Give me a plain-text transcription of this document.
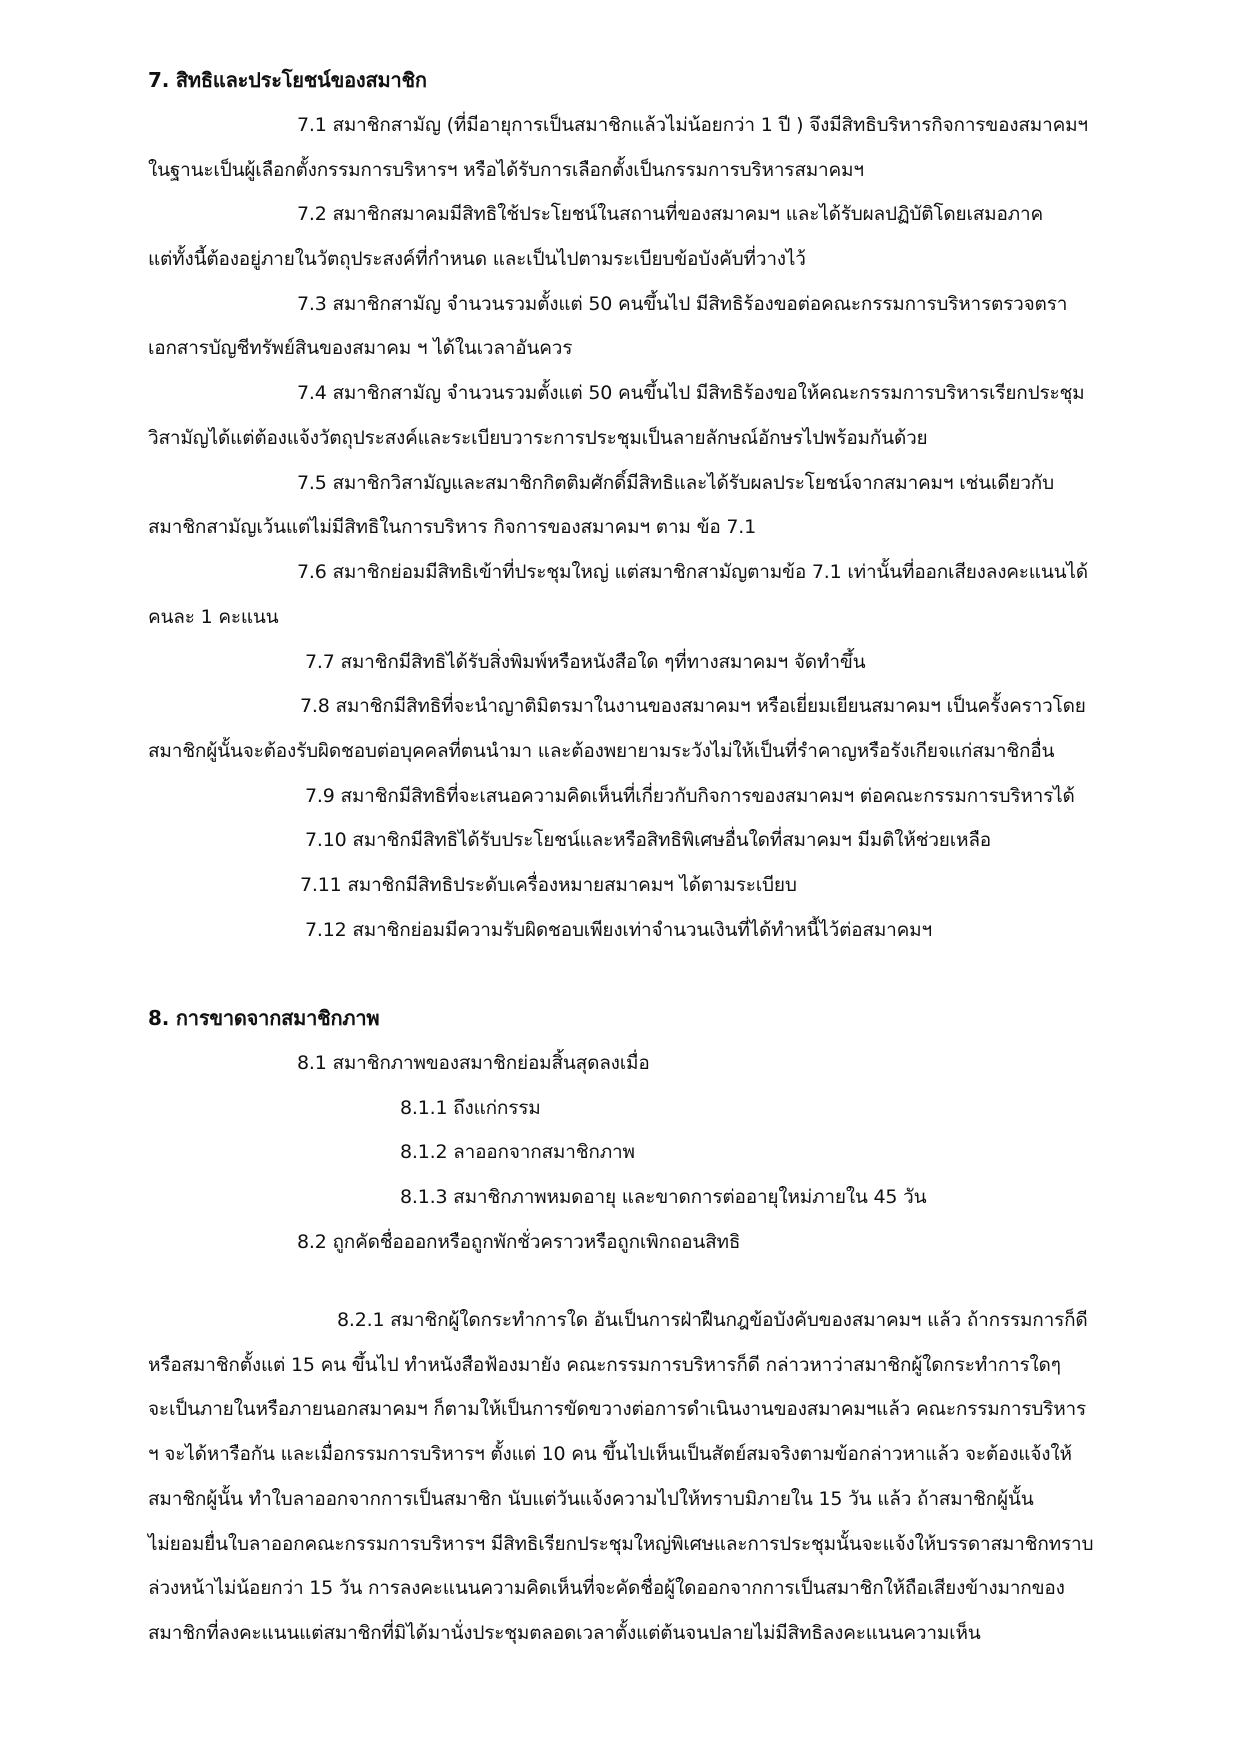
7. สิทธิและประโยชน์ของสมาชิก
7.1 สมาชิกสามัญ (ที่มีอายุการเป็นสมาชิกแล้วไม่น้อยกว่า 1 ปี ) จึงมีสิทธิบริหารกิจการของสมาคมฯ
ในฐานะเป็นผู้เลือกตั้งกรรมการบริหารฯ หรือได้รับการเลือกตั้งเป็นกรรมการบริหารสมาคมฯ
7.2 สมาชิกสมาคมมีสิทธิใช้ประโยชน์ในสถานที่ของสมาคมฯ และได้รับผลปฏิบัติโดยเสมอภาค
แต่ทั้งนี้ต้องอยู่ภายในวัตถุประสงค์ที่กำหนด และเป็นไปตามระเบียบข้อบังคับที่วางไว้
7.3 สมาชิกสามัญ จำนวนรวมตั้งแต่ 50 คนขึ้นไป มีสิทธิร้องขอต่อคณะกรรมการบริหารตรวจตรา
เอกสารบัญชีทรัพย์สินของสมาคม ฯ ได้ในเวลาอันควร
7.4 สมาชิกสามัญ จำนวนรวมตั้งแต่ 50 คนขึ้นไป มีสิทธิร้องขอให้คณะกรรมการบริหารเรียกประชุม
วิสามัญได้แต่ต้องแจ้งวัตถุประสงค์และระเบียบวาระการประชุมเป็นลายลักษณ์อักษรไปพร้อมกันด้วย
7.5 สมาชิกวิสามัญและสมาชิกกิตติมศักดิ์มีสิทธิและได้รับผลประโยชน์จากสมาคมฯ เช่นเดียวกับ
สมาชิกสามัญเว้นแต่ไม่มีสิทธิในการบริหาร กิจการของสมาคมฯ ตาม ข้อ 7.1
7.6 สมาชิกย่อมมีสิทธิเข้าที่ประชุมใหญ่ แต่สมาชิกสามัญตามข้อ 7.1 เท่านั้นที่ออกเสียงลงคะแนนได้
คนละ 1 คะแนน
7.7 สมาชิกมีสิทธิได้รับสิ่งพิมพ์หรือหนังสือใด ๆที่ทางสมาคมฯ จัดทำขึ้น
7.8 สมาชิกมีสิทธิที่จะนำญาติมิตรมาในงานของสมาคมฯ หรือเยี่ยมเยียนสมาคมฯ เป็นครั้งคราวโดย
สมาชิกผู้นั้นจะต้องรับผิดชอบต่อบุคคลที่ตนนำมา และต้องพยายามระวังไม่ให้เป็นที่รำคาญหรือรังเกียจแก่สมาชิกอื่น
7.9 สมาชิกมีสิทธิที่จะเสนอความคิดเห็นที่เกี่ยวกับกิจการของสมาคมฯ ต่อคณะกรรมการบริหารได้
7.10 สมาชิกมีสิทธิได้รับประโยชน์และหรือสิทธิพิเศษอื่นใดที่สมาคมฯ มีมติให้ช่วยเหลือ
7.11 สมาชิกมีสิทธิประดับเครื่องหมายสมาคมฯ ได้ตามระเบียบ
7.12 สมาชิกย่อมมีความรับผิดชอบเพียงเท่าจำนวนเงินที่ได้ทำหนี้ไว้ต่อสมาคมฯ
8. การขาดจากสมาชิกภาพ
8.1 สมาชิกภาพของสมาชิกย่อมสิ้นสุดลงเมื่อ
8.1.1 ถึงแก่กรรม
8.1.2 ลาออกจากสมาชิกภาพ
8.1.3 สมาชิกภาพหมดอายุ และขาดการต่ออายุใหม่ภายใน 45 วัน
8.2 ถูกคัดชื่อออกหรือถูกพักชั่วคราวหรือถูกเพิกถอนสิทธิ
8.2.1 สมาชิกผู้ใดกระทำการใด อันเป็นการฝ่าฝืนกฎข้อบังคับของสมาคมฯ แล้ว ถ้ากรรมการก็ดี
หรือสมาชิกตั้งแต่ 15 คน ขึ้นไป ทำหนังสือฟ้องมายัง คณะกรรมการบริหารก็ดี กล่าวหาว่าสมาชิกผู้ใดกระทำการใดๆ
จะเป็นภายในหรือภายนอกสมาคมฯ ก็ตามให้เป็นการขัดขวางต่อการดำเนินงานของสมาคมฯแล้ว คณะกรรมการบริหาร
ฯ จะได้หารือกัน และเมื่อกรรมการบริหารฯ ตั้งแต่ 10 คน ขึ้นไปเห็นเป็นสัตย์สมจริงตามข้อกล่าวหาแล้ว จะต้องแจ้งให้
สมาชิกผู้นั้น ทำใบลาออกจากการเป็นสมาชิก นับแต่วันแจ้งความไปให้ทราบมิภายใน 15 วัน แล้ว ถ้าสมาชิกผู้นั้น
ไม่ยอมยื่นใบลาออกคณะกรรมการบริหารฯ มีสิทธิเรียกประชุมใหญ่พิเศษและการประชุมนั้นจะแจ้งให้บรรดาสมาชิกทราบ
ล่วงหน้าไม่น้อยกว่า 15 วัน การลงคะแนนความคิดเห็นที่จะคัดชื่อผู้ใดออกจากการเป็นสมาชิกให้ถือเสียงข้างมากของ
สมาชิกที่ลงคะแนนแต่สมาชิกที่มิได้มานั่งประชุมตลอดเวลาตั้งแต่ต้นจนปลายไม่มีสิทธิลงคะแนนความเห็น
